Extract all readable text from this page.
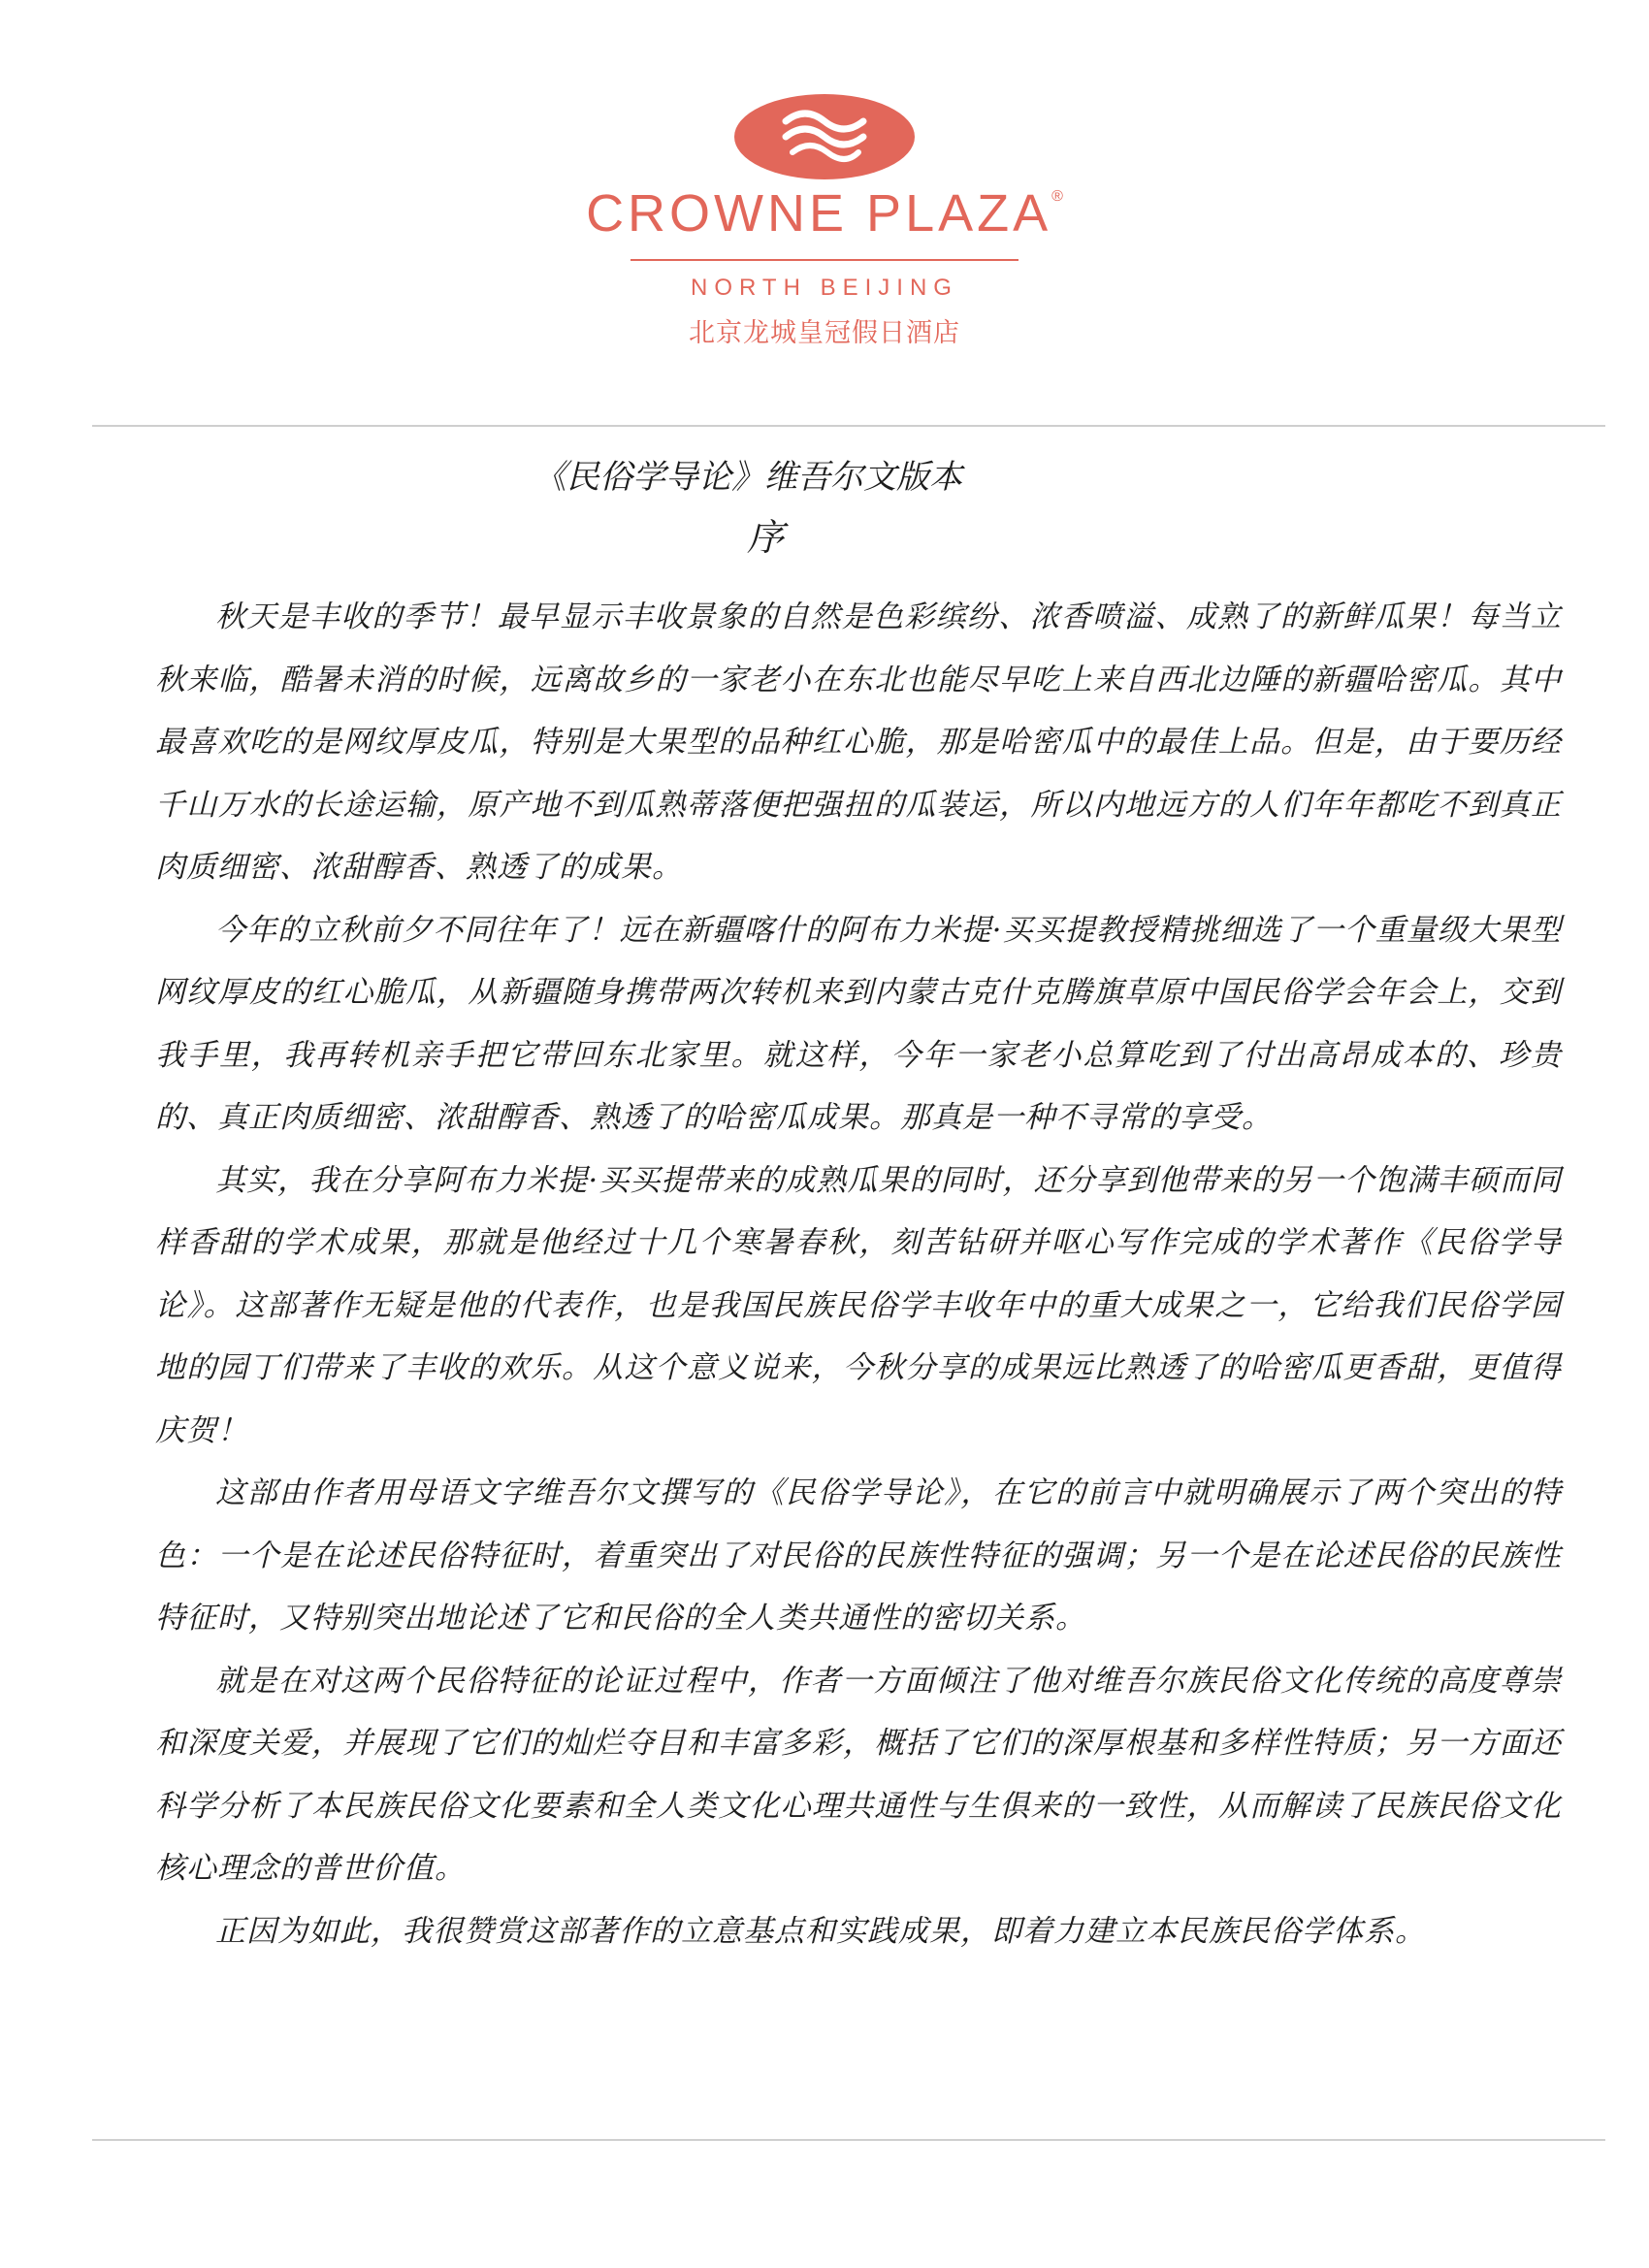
CROWNE PLAZA®
NORTH BEIJING
北京龙城皇冠假日酒店
《民俗学导论》维吾尔文版本
序

秋天是丰收的季节！最早显示丰收景象的自然是色彩缤纷、浓香喷溢、成熟了的新鲜瓜果！每当立秋来临，酷暑未消的时候，远离故乡的一家老小在东北也能尽早吃上来自西北边陲的新疆哈密瓜。其中最喜欢吃的是网纹厚皮瓜，特别是大果型的品种红心脆，那是哈密瓜中的最佳上品。但是，由于要历经千山万水的长途运输，原产地不到瓜熟蒂落便把强扭的瓜装运，所以内地远方的人们年年都吃不到真正肉质细密、浓甜醇香、熟透了的成果。

今年的立秋前夕不同往年了！远在新疆喀什的阿布力米提·买买提教授精挑细选了一个重量级大果型网纹厚皮的红心脆瓜，从新疆随身携带两次转机来到内蒙古克什克腾旗草原中国民俗学会年会上，交到我手里，我再转机亲手把它带回东北家里。就这样，今年一家老小总算吃到了付出高昂成本的、珍贵的、真正肉质细密、浓甜醇香、熟透了的哈密瓜成果。那真是一种不寻常的享受。

其实，我在分享阿布力米提·买买提带来的成熟瓜果的同时，还分享到他带来的另一个饱满丰硕而同样香甜的学术成果，那就是他经过十几个寒暑春秋，刻苦钻研并呕心写作完成的学术著作《民俗学导论》。这部著作无疑是他的代表作，也是我国民族民俗学丰收年中的重大成果之一，它给我们民俗学园地的园丁们带来了丰收的欢乐。从这个意义说来，今秋分享的成果远比熟透了的哈密瓜更香甜，更值得庆贺！

这部由作者用母语文字维吾尔文撰写的《民俗学导论》，在它的前言中就明确展示了两个突出的特色：一个是在论述民俗特征时，着重突出了对民俗的民族性特征的强调；另一个是在论述民俗的民族性特征时，又特别突出地论述了它和民俗的全人类共通性的密切关系。

就是在对这两个民俗特征的论证过程中，作者一方面倾注了他对维吾尔族民俗文化传统的高度尊崇和深度关爱，并展现了它们的灿烂夺目和丰富多彩，概括了它们的深厚根基和多样性特质；另一方面还科学分析了本民族民俗文化要素和全人类文化心理共通性与生俱来的一致性，从而解读了民族民俗文化核心理念的普世价值。

正因为如此，我很赞赏这部著作的立意基点和实践成果，即着力建立本民族民俗学体系。
